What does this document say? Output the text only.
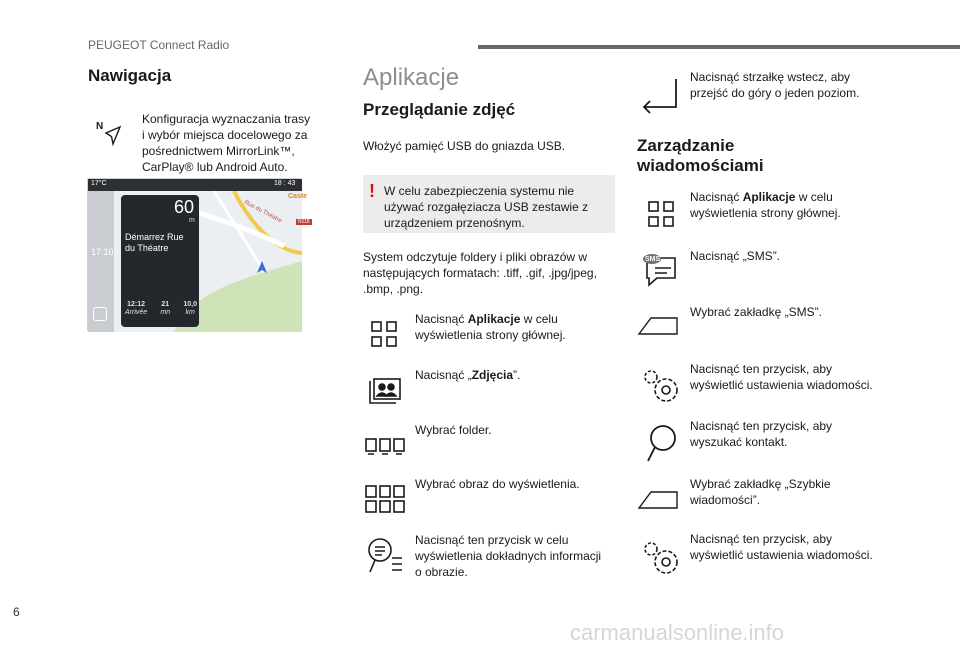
PEUGEOT Connect Radio
Nawigacja
N
Konfiguracja wyznaczania trasy
i wybór miejsca docelowego za
pośrednictwem MirrorLink™,
CarPlay® lub Android Auto.
17°C	18 : 43
17:10
60
m
Démarrez Rue
du Théatre
12:12
Arrivée
21
mn
10,0
km
Caste
Rue du Théatre	N118
Aplikacje
Przeglądanie zdjęć
Włożyć pamięć USB do gniazda USB.
! W celu zabezpieczenia systemu nie
używać rozgałęziacza USB zestawie z
urządzeniem przenośnym.
System odczytuje foldery i pliki obrazów w
następujących formatach: .tiff, .gif, .jpg/jpeg,
.bmp, .png.
Nacisnąć Aplikacje w celu
wyświetlenia strony głównej.
Nacisnąć „Zdjęcia”.
Wybrać folder.
Wybrać obraz do wyświetlenia.
Nacisnąć ten przycisk w celu
wyświetlenia dokładnych informacji
o obrazie.
Nacisnąć strzałkę wstecz, aby
przejść do góry o jeden poziom.
Zarządzanie
wiadomościami
SMS
Nacisnąć Aplikacje w celu
wyświetlenia strony głównej.
Nacisnąć „SMS”.
Wybrać zakładkę „SMS”.
Nacisnąć ten przycisk, aby
wyświetlić ustawienia wiadomości.
Nacisnąć ten przycisk, aby
wyszukać kontakt.
Wybrać zakładkę „Szybkie
wiadomości”.
Nacisnąć ten przycisk, aby
wyświetlić ustawienia wiadomości.
6
carmanualsonline.info
